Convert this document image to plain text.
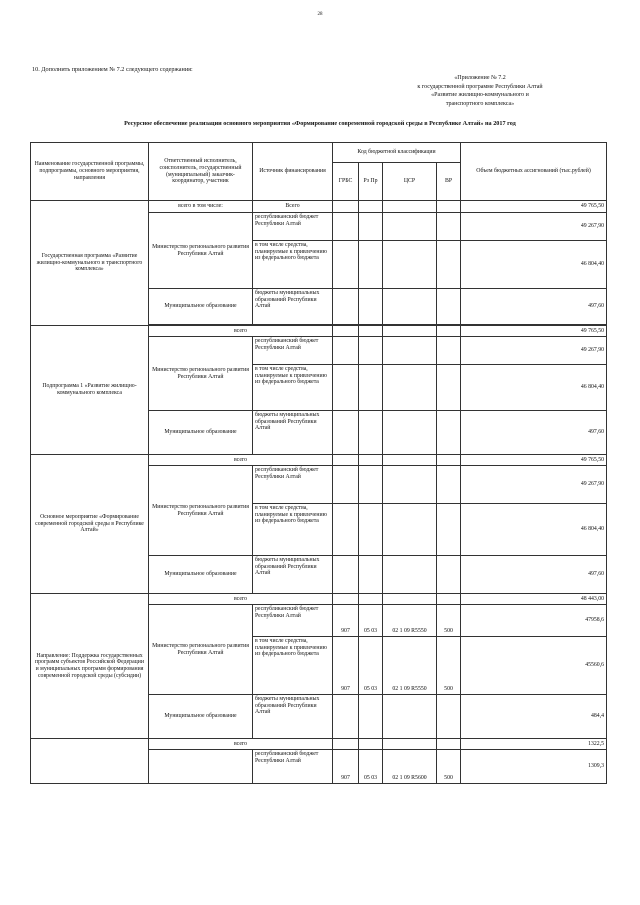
28
10. Дополнить приложением № 7.2 следующего содержания:
«Приложение № 7.2
к государственной программе Республики Алтай
«Развитие жилищно-коммунального и
транспортного комплекса»
Ресурсное обеспечение реализации основного мероприятия «Формирование современной городской среды в Республике Алтай» на 2017 год
Наименование государственной программы, подпрограммы, основного мероприятия, направления	Ответственный исполнитель, соисполнитель, государственный (муниципальный) заказчик-координатор, участник	Источник финансирования	Код бюджетной классификации				Объем бюджетных ассигнований (тыс.рублей)
			ГРБС	Рз Пр	ЦСР	ВР	
Государственная программа «Развитие жилищно-коммунального и транспортного комплекса»	всего в том числе:	Всего					49 765,50
	Министерство регионального развития Республики Алтай	республиканский бюджет Республики Алтай					49 267,90
		в том числе средства, планируемые к привлечению из федерального бюджета					46 804,40
	Муниципальное образование	бюджеты муниципальных образований Республики Алтай					497,60

Подпрограмма 1 «Развитие жилищно-коммунального комплекса	всего						49 765,50
	Министерство регионального развития Республики Алтай	республиканский бюджет Республики Алтай					49 267,90
		в том числе средства, планируемые к привлечению из федерального бюджета					46 804,40
	Муниципальное образование	бюджеты муниципальных образований Республики Алтай					497,60
Основное мероприятие «Формирование современной городской среды в Республике Алтай»	всего						49 765,50
	Министерство регионального развития Республики Алтай	республиканский бюджет Республики Алтай					49 267,90
		в том числе средства, планируемые к привлечению из федерального бюджета					46 804,40
	Муниципальное образование	бюджеты муниципальных образований Республики Алтай					497,60
Направление: Поддержка государственных программ субъектов Российской Федерации и муниципальных программ формирования современной городской среды (субсидии)	всего						48 443,00
	Министерство регионального развития Республики Алтай	республиканский бюджет Республики Алтай	907	05 03	02 1 09 R5550	500	47958,6
		в том числе средства, планируемые к привлечению из федерального бюджета	907	05 03	02 1 09 R5550	500	45560,6
	Муниципальное образование	бюджеты муниципальных образований Республики Алтай					484,4
	всего						1322,5
		республиканский бюджет Республики Алтай	907	05 03	02 1 09 R5600	500	1309,3
